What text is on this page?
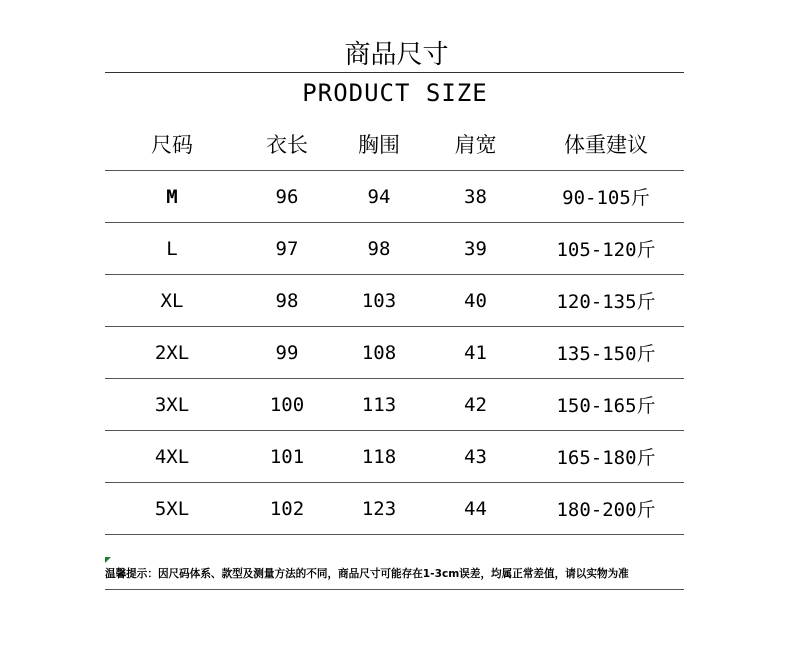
商品尺寸
PRODUCT SIZE
尺码	衣长	胸围	肩宽	体重建议
M	96	94	38	90-105斤
L	97	98	39	105-120斤
XL	98	103	40	120-135斤
2XL	99	108	41	135-150斤
3XL	100	113	42	150-165斤
4XL	101	118	43	165-180斤
5XL	102	123	44	180-200斤
温馨提示：因尺码体系、款型及测量方法的不同，商品尺寸可能存在1-3cm误差，均属正常差值，请以实物为准
